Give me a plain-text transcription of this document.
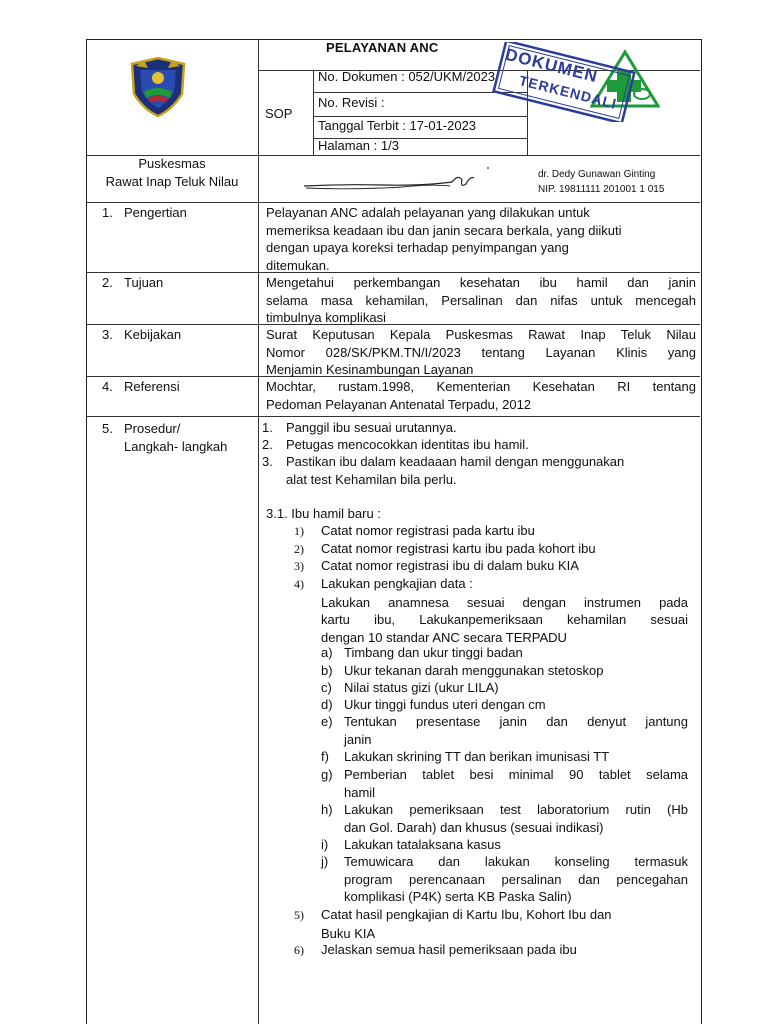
PELAYANAN ANC
SOP
No. Dokumen : 052/UKM/2023
No. Revisi :
Tanggal Terbit : 17-01-2023
Halaman : 1/3
DOKUMEN
TERKENDALI
Puskesmas
Rawat Inap Teluk Nilau	dr. Dedy Gunawan Ginting
NIP. 19811111 201001 1 015
1. Pengertian	Pelayanan ANC adalah pelayanan yang dilakukan untuk
memeriksa keadaan ibu dan janin secara berkala, yang diikuti
dengan upaya koreksi terhadap penyimpangan yang
ditemukan.
2. Tujuan	Mengetahui perkembangan kesehatan ibu hamil dan janin
selama masa kehamilan, Persalinan dan nifas untuk mencegah
timbulnya komplikasi
3. Kebijakan	Surat Keputusan Kepala Puskesmas Rawat Inap Teluk Nilau
Nomor 028/SK/PKM.TN/I/2023 tentang Layanan Klinis yang
Menjamin Kesinambungan Layanan
4. Referensi	Mochtar, rustam.1998, Kementerian Kesehatan RI tentang
Pedoman Pelayanan Antenatal Terpadu, 2012
5. Prosedur/
Langkah- langkah
1. Panggil ibu sesuai urutannya.
2. Petugas mencocokkan identitas ibu hamil.
3. Pastikan ibu dalam keadaaan hamil dengan menggunakan
alat test Kehamilan bila perlu.
3.1. Ibu hamil baru :
1) Catat nomor registrasi pada kartu ibu
2) Catat nomor registrasi kartu ibu pada kohort ibu
3) Catat nomor registrasi ibu di dalam buku KIA
4) Lakukan pengkajian data :
Lakukan anamnesa sesuai dengan instrumen pada
kartu ibu, Lakukanpemeriksaan kehamilan sesuai
dengan 10 standar ANC secara TERPADU
a) Timbang dan ukur tinggi badan
b) Ukur tekanan darah menggunakan stetoskop
c) Nilai status gizi (ukur LILA)
d) Ukur tinggi fundus uteri dengan cm
e) Tentukan presentase janin dan denyut jantung
janin
f) Lakukan skrining TT dan berikan imunisasi TT
g) Pemberian tablet besi minimal 90 tablet selama
hamil
h) Lakukan pemeriksaan test laboratorium rutin (Hb
dan Gol. Darah) dan khusus (sesuai indikasi)
i) Lakukan tatalaksana kasus
j)	Temuwicara dan lakukan konseling termasuk
program perencanaan persalinan dan pencegahan
komplikasi (P4K) serta KB Paska Salin)
5) Catat hasil pengkajian di Kartu Ibu, Kohort Ibu dan
Buku KIA
6) Jelaskan semua hasil pemeriksaan pada ibu
